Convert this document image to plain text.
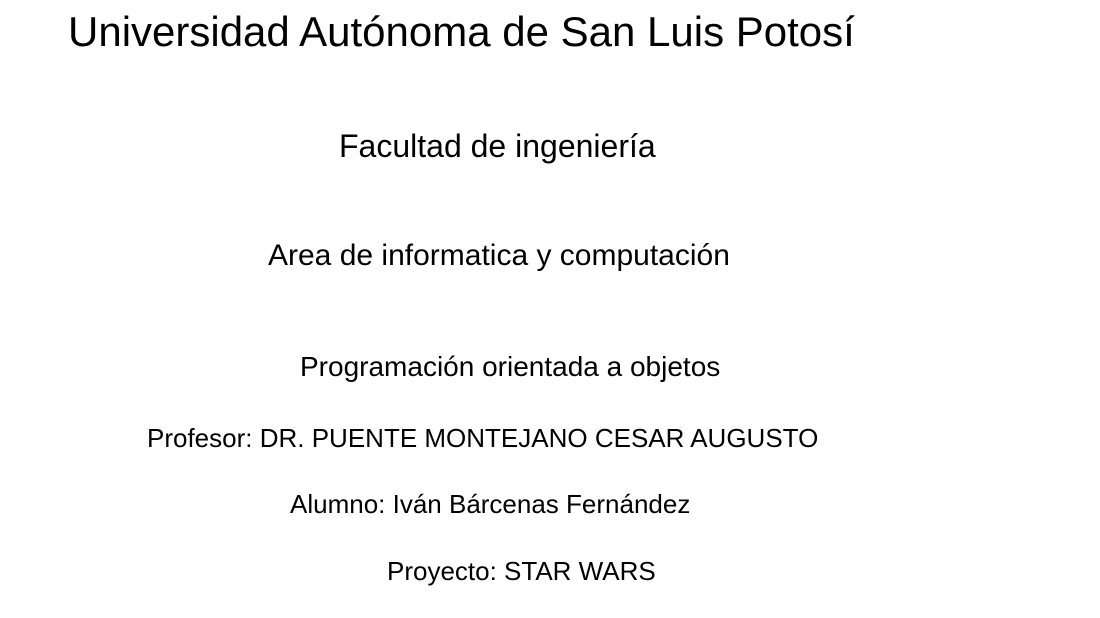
Universidad Autónoma de San Luis Potosí
Facultad de ingeniería
Area de informatica y computación
Programación orientada a objetos
Profesor: DR. PUENTE MONTEJANO CESAR AUGUSTO
Alumno: Iván Bárcenas Fernández
Proyecto: STAR WARS
